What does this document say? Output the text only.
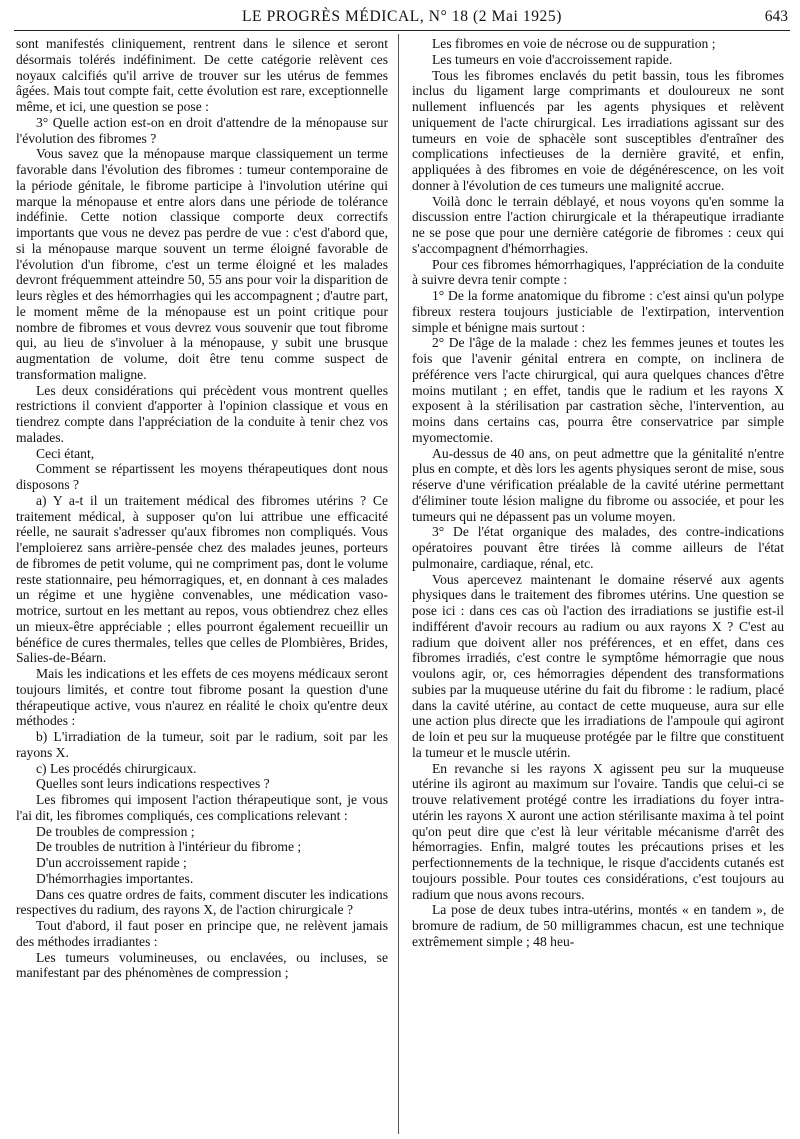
LE PROGRÈS MÉDICAL, N° 18 (2 Mai 1925)	643

sont manifestés cliniquement, rentrent dans le silence et seront désormais tolérés indéfiniment. De cette catégorie relèvent ces noyaux calcifiés qu'il arrive de trouver sur les utérus de femmes âgées. Mais tout compte fait, cette évolution est rare, exceptionnelle même, et ici, une question se pose :

3° Quelle action est-on en droit d'attendre de la ménopause sur l'évolution des fibromes ?

Vous savez que la ménopause marque classiquement un terme favorable dans l'évolution des fibromes : tumeur contemporaine de la période génitale, le fibrome participe à l'involution utérine qui marque la ménopause et entre alors dans une période de tolérance indéfinie. Cette notion classique comporte deux correctifs importants que vous ne devez pas perdre de vue : c'est d'abord que, si la ménopause marque souvent un terme éloigné favorable de l'évolution d'un fibrome, c'est un terme éloigné et les malades devront fréquemment atteindre 50, 55 ans pour voir la disparition de leurs règles et des hémorrhagies qui les accompagnent ; d'autre part, le moment même de la ménopause est un point critique pour nombre de fibromes et vous devrez vous souvenir que tout fibrome qui, au lieu de s'involuer à la ménopause, y subit une brusque augmentation de volume, doit être tenu comme suspect de transformation maligne.

Les deux considérations qui précèdent vous montrent quelles restrictions il convient d'apporter à l'opinion classique et vous en tiendrez compte dans l'appréciation de la conduite à tenir chez vos malades.

Ceci étant,

Comment se répartissent les moyens thérapeutiques dont nous disposons ?

a) Y a-t il un traitement médical des fibromes utérins ? Ce traitement médical, à supposer qu'on lui attribue une efficacité réelle, ne saurait s'adresser qu'aux fibromes non compliqués. Vous l'emploierez sans arrière-pensée chez des malades jeunes, porteurs de fibromes de petit volume, qui ne compriment pas, dont le volume reste stationnaire, peu hémorragiques, et, en donnant à ces malades un régime et une hygiène convenables, une médication vaso-motrice, surtout en les mettant au repos, vous obtiendrez chez elles un mieux-être appréciable ; elles pourront également recueillir un bénéfice de cures thermales, telles que celles de Plombières, Brides, Salies-de-Béarn.

Mais les indications et les effets de ces moyens médicaux seront toujours limités, et contre tout fibrome posant la question d'une thérapeutique active, vous n'aurez en réalité le choix qu'entre deux méthodes :

b) L'irradiation de la tumeur, soit par le radium, soit par les rayons X.

c) Les procédés chirurgicaux.

Quelles sont leurs indications respectives ?

Les fibromes qui imposent l'action thérapeutique sont, je vous l'ai dit, les fibromes compliqués, ces complications relevant :

De troubles de compression ;

De troubles de nutrition à l'intérieur du fibrome ;

D'un accroissement rapide ;

D'hémorrhagies importantes.

Dans ces quatre ordres de faits, comment discuter les indications respectives du radium, des rayons X, de l'action chirurgicale ?

Tout d'abord, il faut poser en principe que, ne relèvent jamais des méthodes irradiantes :

Les tumeurs volumineuses, ou enclavées, ou incluses, se manifestant par des phénomènes de compression ;

Les fibromes en voie de nécrose ou de suppuration ;

Les tumeurs en voie d'accroissement rapide.

Tous les fibromes enclavés du petit bassin, tous les fibromes inclus du ligament large comprimants et douloureux ne sont nullement influencés par les agents physiques et relèvent uniquement de l'acte chirurgical. Les irradiations agissant sur des tumeurs en voie de sphacèle sont susceptibles d'entraîner des complications infectieuses de la dernière gravité, et enfin, appliquées à des fibromes en voie de dégénérescence, on les voit donner à l'évolution de ces tumeurs une malignité accrue.

Voilà donc le terrain déblayé, et nous voyons qu'en somme la discussion entre l'action chirurgicale et la thérapeutique irradiante ne se pose que pour une dernière catégorie de fibromes : ceux qui s'accompagnent d'hémorrhagies.

Pour ces fibromes hémorrhagiques, l'appréciation de la conduite à suivre devra tenir compte :

1° De la forme anatomique du fibrome : c'est ainsi qu'un polype fibreux restera toujours justiciable de l'extirpation, intervention simple et bénigne mais surtout :

2° De l'âge de la malade : chez les femmes jeunes et toutes les fois que l'avenir génital entrera en compte, on inclinera de préférence vers l'acte chirurgical, qui aura quelques chances d'être moins mutilant ; en effet, tandis que le radium et les rayons X exposent à la stérilisation par castration sèche, l'intervention, au moins dans certains cas, pourra être conservatrice par simple myomectomie.

Au-dessus de 40 ans, on peut admettre que la génitalité n'entre plus en compte, et dès lors les agents physiques seront de mise, sous réserve d'une vérification préalable de la cavité utérine permettant d'éliminer toute lésion maligne du fibrome ou associée, et pour les tumeurs qui ne dépassent pas un volume moyen.

3° De l'état organique des malades, des contre-indications opératoires pouvant être tirées là comme ailleurs de l'état pulmonaire, cardiaque, rénal, etc.

Vous apercevez maintenant le domaine réservé aux agents physiques dans le traitement des fibromes utérins. Une question se pose ici : dans ces cas où l'action des irradiations se justifie est-il indifférent d'avoir recours au radium ou aux rayons X ? C'est au radium que doivent aller nos préférences, et en effet, dans ces fibromes irradiés, c'est contre le symptôme hémorragie que nous voulons agir, or, ces hémorragies dépendent des transformations subies par la muqueuse utérine du fait du fibrome : le radium, placé dans la cavité utérine, au contact de cette muqueuse, aura sur elle une action plus directe que les irradiations de l'ampoule qui agiront de loin et peu sur la muqueuse protégée par le filtre que constituent la tumeur et le muscle utérin.

En revanche si les rayons X agissent peu sur la muqueuse utérine ils agiront au maximum sur l'ovaire. Tandis que celui-ci se trouve relativement protégé contre les irradiations du foyer intra-utérin les rayons X auront une action stérilisante maxima à tel point qu'on peut dire que c'est là leur véritable mécanisme d'arrêt des hémorragies. Enfin, malgré toutes les précautions prises et les perfectionnements de la technique, le risque d'accidents cutanés est toujours possible. Pour toutes ces considérations, c'est toujours au radium que nous avons recours.

La pose de deux tubes intra-utérins, montés « en tandem », de bromure de radium, de 50 milligrammes chacun, est une technique extrêmement simple ; 48 heu-
